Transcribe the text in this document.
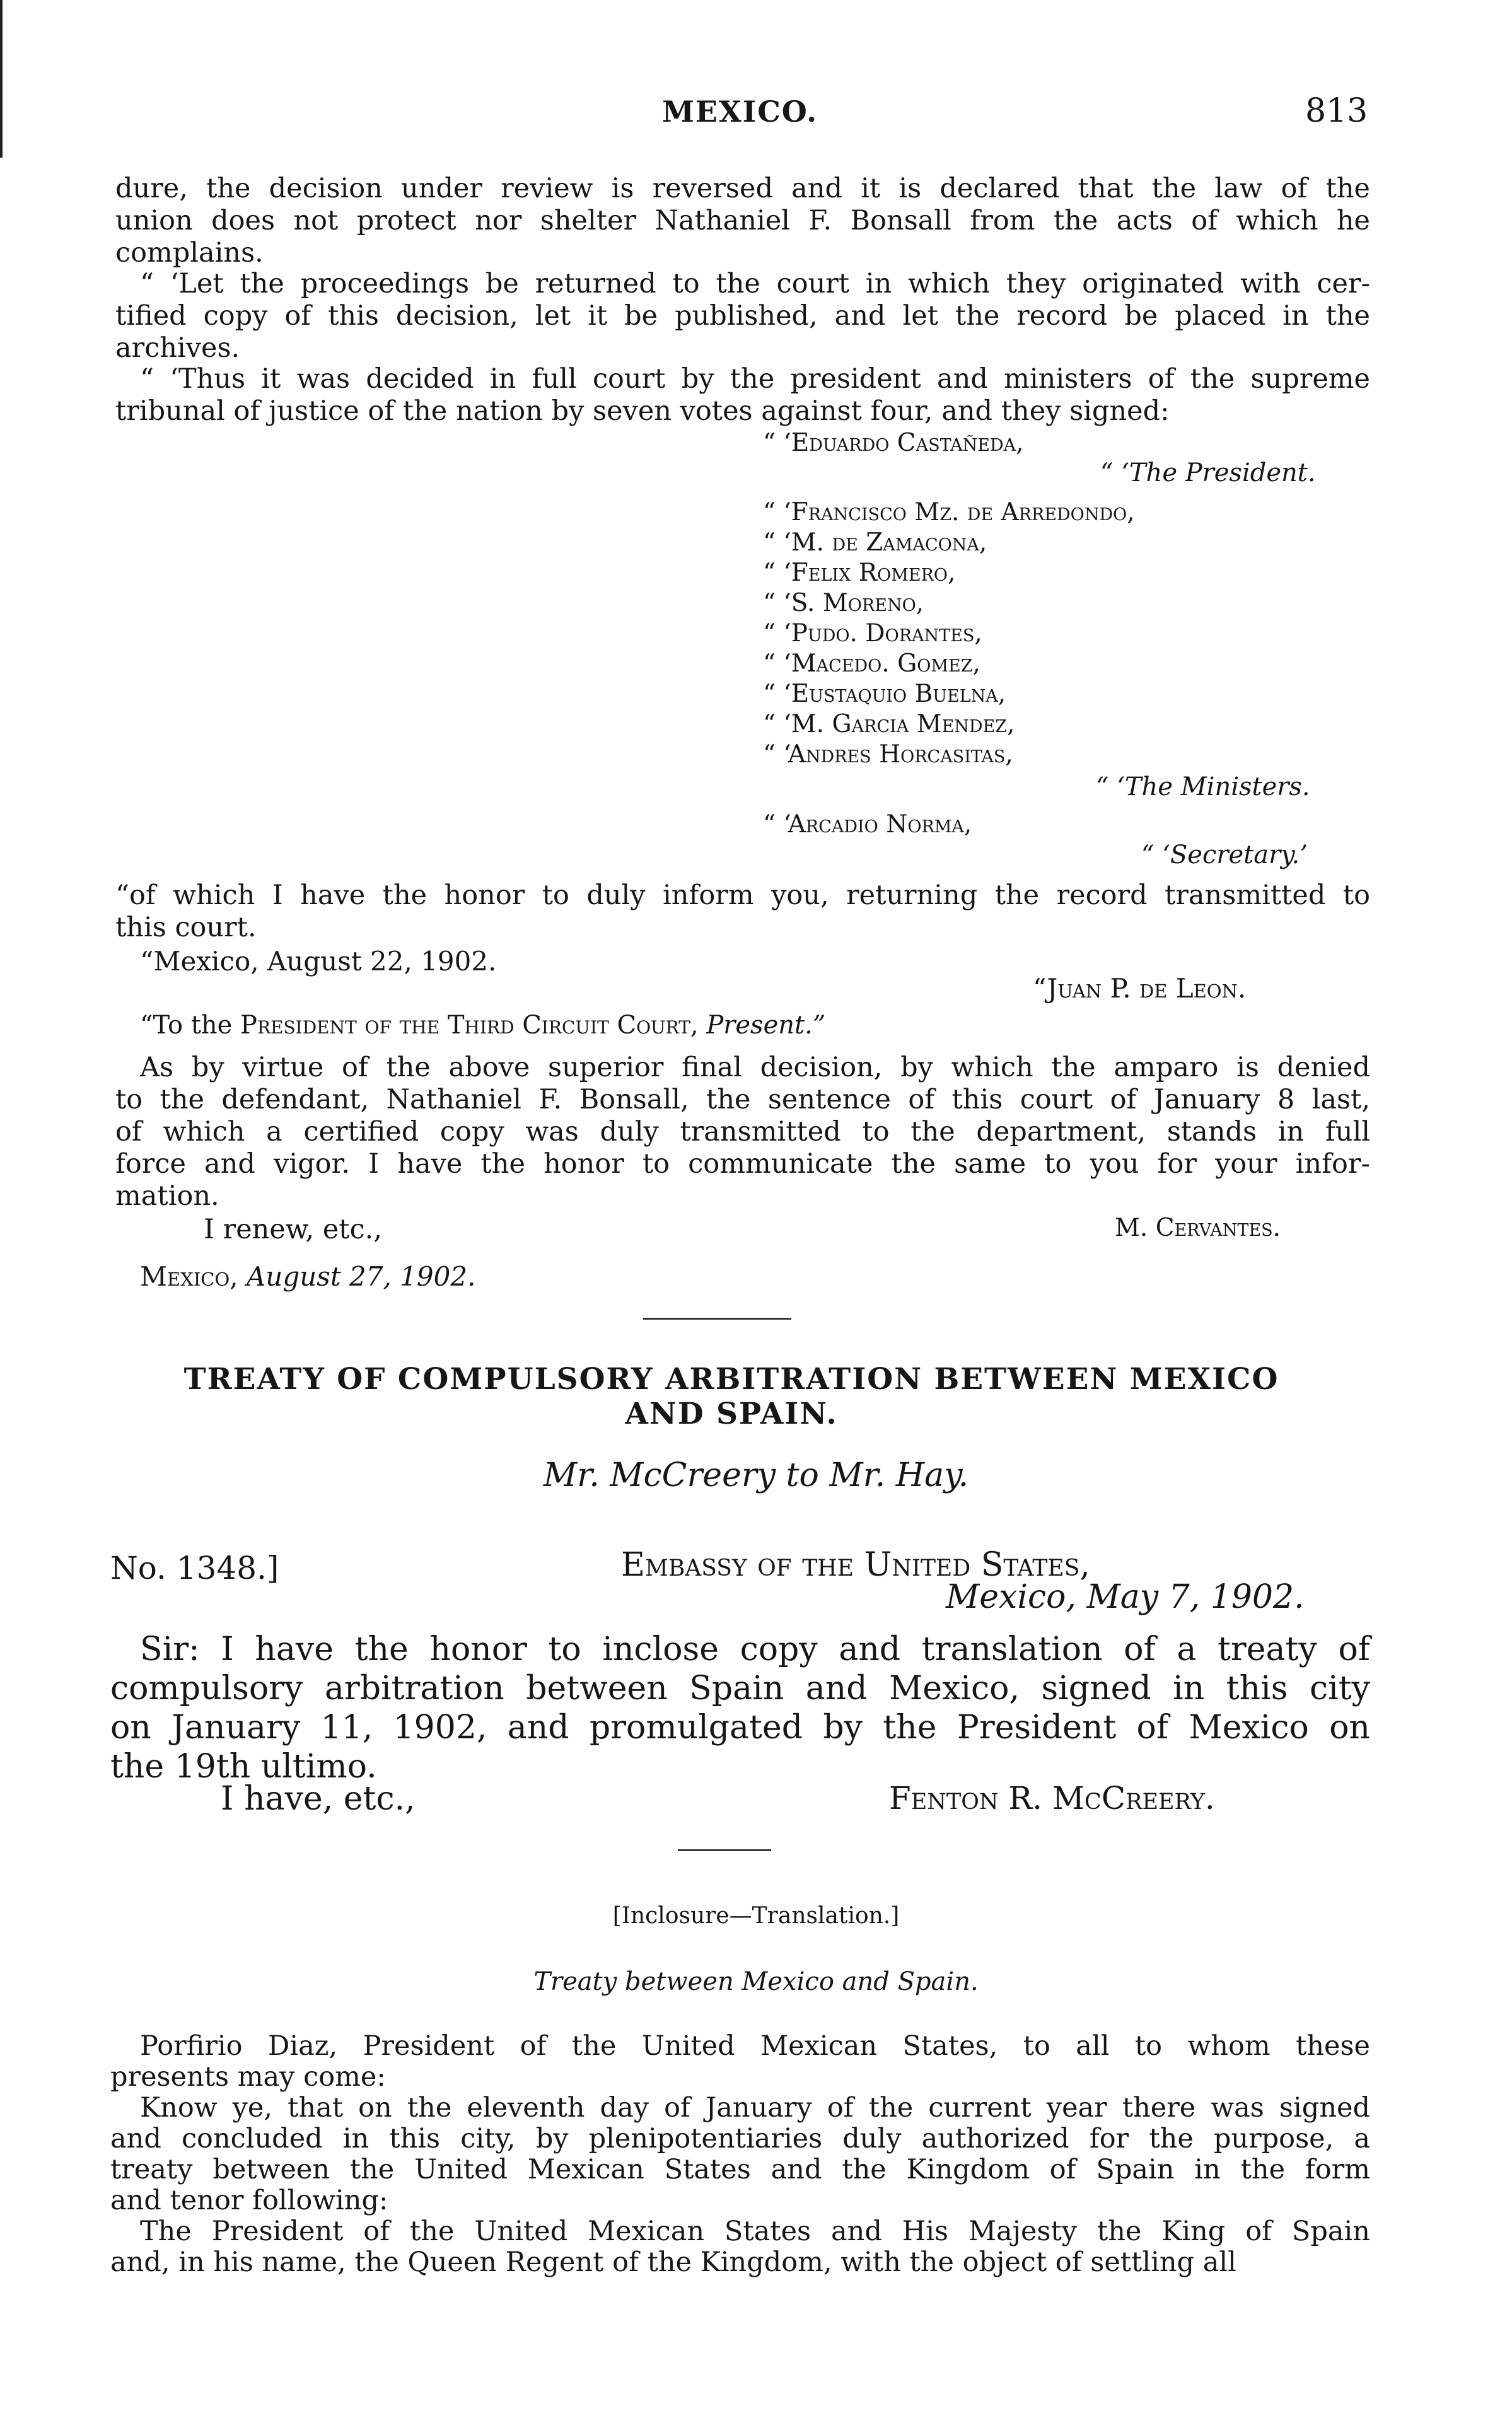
MEXICO.	813

dure, the decision under review is reversed and it is declared that the law of the
union does not protect nor shelter Nathaniel F. Bonsall from the acts of which he
complains.
“ ‘Let the proceedings be returned to the court in which they originated with cer-
tified copy of this decision, let it be published, and let the record be placed in the
archives.
“ ‘Thus it was decided in full court by the president and ministers of the supreme
tribunal of justice of the nation by seven votes against four, and they signed:

“ ‘Eduardo Castañeda,

“ ‘The President.

“ ‘Francisco Mz. de Arredondo,

“ ‘M. de Zamacona,

“ ‘Felix Romero,

“ ‘S. Moreno,

“ ‘Pudo. Dorantes,

“ ‘Macedo. Gomez,

“ ‘Eustaquio Buelna,

“ ‘M. Garcia Mendez,

“ ‘Andres Horcasitas,

“ ‘The Ministers.

“ ‘Arcadio Norma,

“ ‘Secretary.’

“of which I have the honor to duly inform you, returning the record transmitted to
this court.

“Mexico, August 22, 1902.

“Juan P. de Leon.

“To the President of the Third Circuit Court, Present.”

As by virtue of the above superior final decision, by which the amparo is denied
to the defendant, Nathaniel F. Bonsall, the sentence of this court of January 8 last,
of which a certified copy was duly transmitted to the department, stands in full
force and vigor. I have the honor to communicate the same to you for your infor-
mation.

I renew, etc.,	M. Cervantes.

Mexico, August 27, 1902.

TREATY OF COMPULSORY ARBITRATION BETWEEN MEXICO

AND SPAIN.

Mr. McCreery to Mr. Hay.

No. 1348.]	Embassy of the United States,

Mexico, May 7, 1902.

Sir: I have the honor to inclose copy and translation of a treaty of
compulsory arbitration between Spain and Mexico, signed in this city
on January 11, 1902, and promulgated by the President of Mexico on
the 19th ultimo.

I have, etc.,	Fenton R. McCreery.

[Inclosure—Translation.]

Treaty between Mexico and Spain.

Porfirio Diaz, President of the United Mexican States, to all to whom these
presents may come:
Know ye, that on the eleventh day of January of the current year there was signed
and concluded in this city, by plenipotentiaries duly authorized for the purpose, a
treaty between the United Mexican States and the Kingdom of Spain in the form
and tenor following:
The President of the United Mexican States and His Majesty the King of Spain
and, in his name, the Queen Regent of the Kingdom, with the object of settling all
